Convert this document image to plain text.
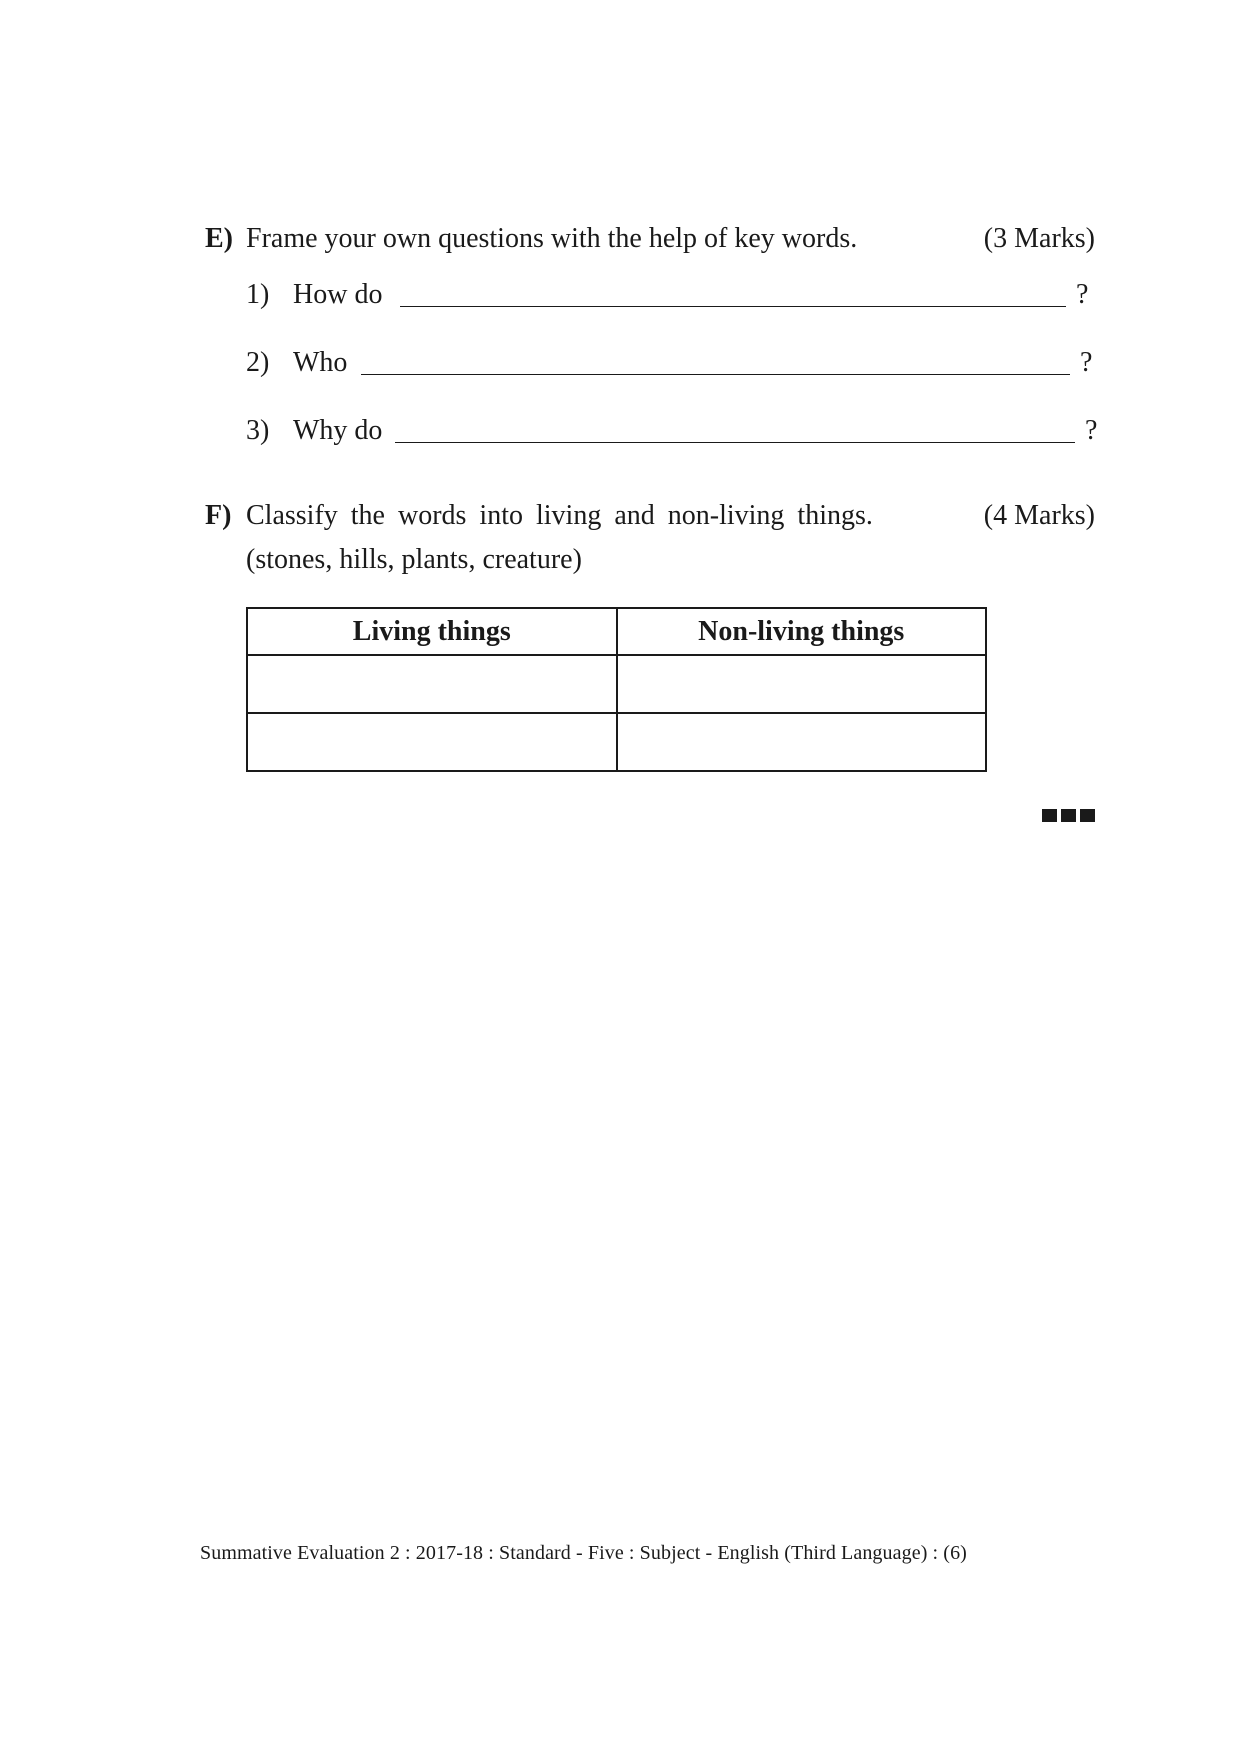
E) Frame your own questions with the help of key words.	(3 Marks)
1) How do	?
2) Who	?
3) Why do	?
F) Classify the words into living and non-living things.	(4 Marks)
(stones, hills, plants, creature)
Living things	Non-living things

Summative Evaluation 2 : 2017-18 : Standard - Five : Subject - English (Third Language) : (6)
